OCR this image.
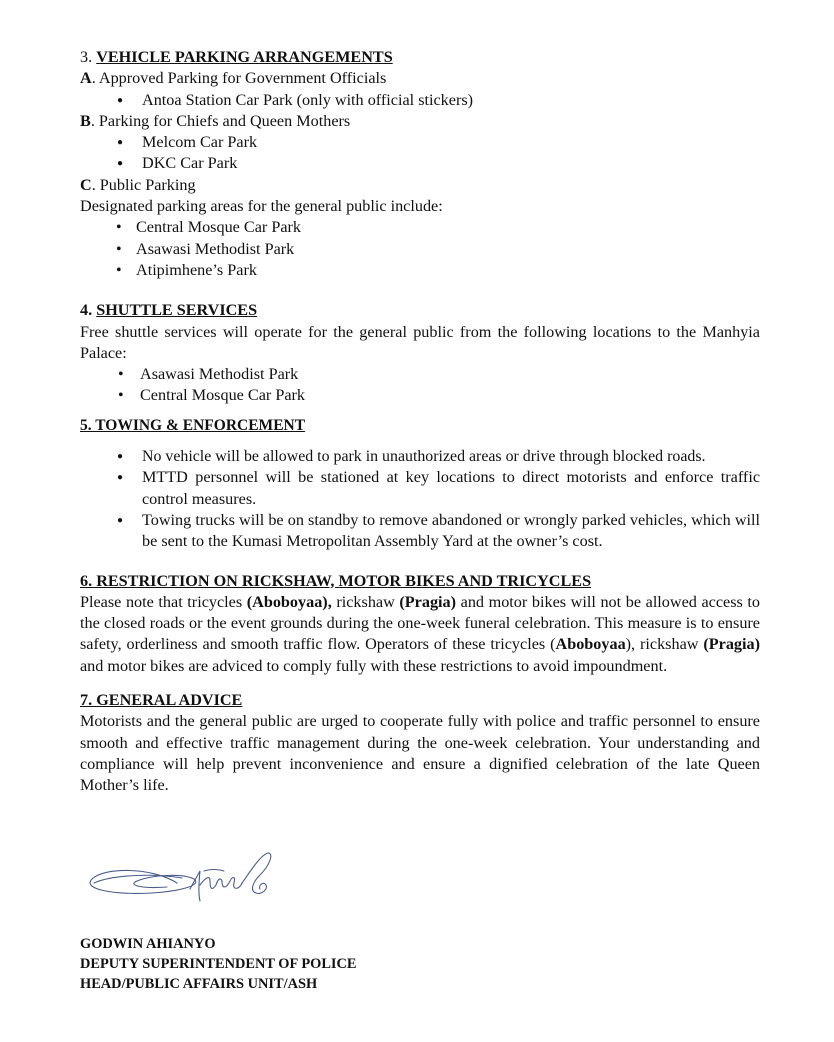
3. VEHICLE PARKING ARRANGEMENTS

A. Approved Parking for Government Officials

● Antoa Station Car Park (only with official stickers)

B. Parking for Chiefs and Queen Mothers

● Melcom Car Park
● DKC Car Park

C. Public Parking

Designated parking areas for the general public include:

• Central Mosque Car Park
• Asawasi Methodist Park
• Atipimhene’s Park

4. SHUTTLE SERVICES

Free shuttle services will operate for the general public from the following locations to the Manhyia Palace:

• Asawasi Methodist Park
• Central Mosque Car Park

5. TOWING & ENFORCEMENT

● No vehicle will be allowed to park in unauthorized areas or drive through blocked roads.
● MTTD personnel will be stationed at key locations to direct motorists and enforce traffic control measures.
● Towing trucks will be on standby to remove abandoned or wrongly parked vehicles, which will be sent to the Kumasi Metropolitan Assembly Yard at the owner’s cost.

6. RESTRICTION ON RICKSHAW, MOTOR BIKES AND TRICYCLES

Please note that tricycles (Aboboyaa), rickshaw (Pragia) and motor bikes will not be allowed access to the closed roads or the event grounds during the one-week funeral celebration. This measure is to ensure safety, orderliness and smooth traffic flow. Operators of these tricycles (Aboboyaa), rickshaw (Pragia) and motor bikes are adviced to comply fully with these restrictions to avoid impoundment.

7. GENERAL ADVICE

Motorists and the general public are urged to cooperate fully with police and traffic personnel to ensure smooth and effective traffic management during the one-week celebration. Your understanding and compliance will help prevent inconvenience and ensure a dignified celebration of the late Queen Mother’s life.

GODWIN AHIANYO
DEPUTY SUPERINTENDENT OF POLICE
HEAD/PUBLIC AFFAIRS UNIT/ASH
